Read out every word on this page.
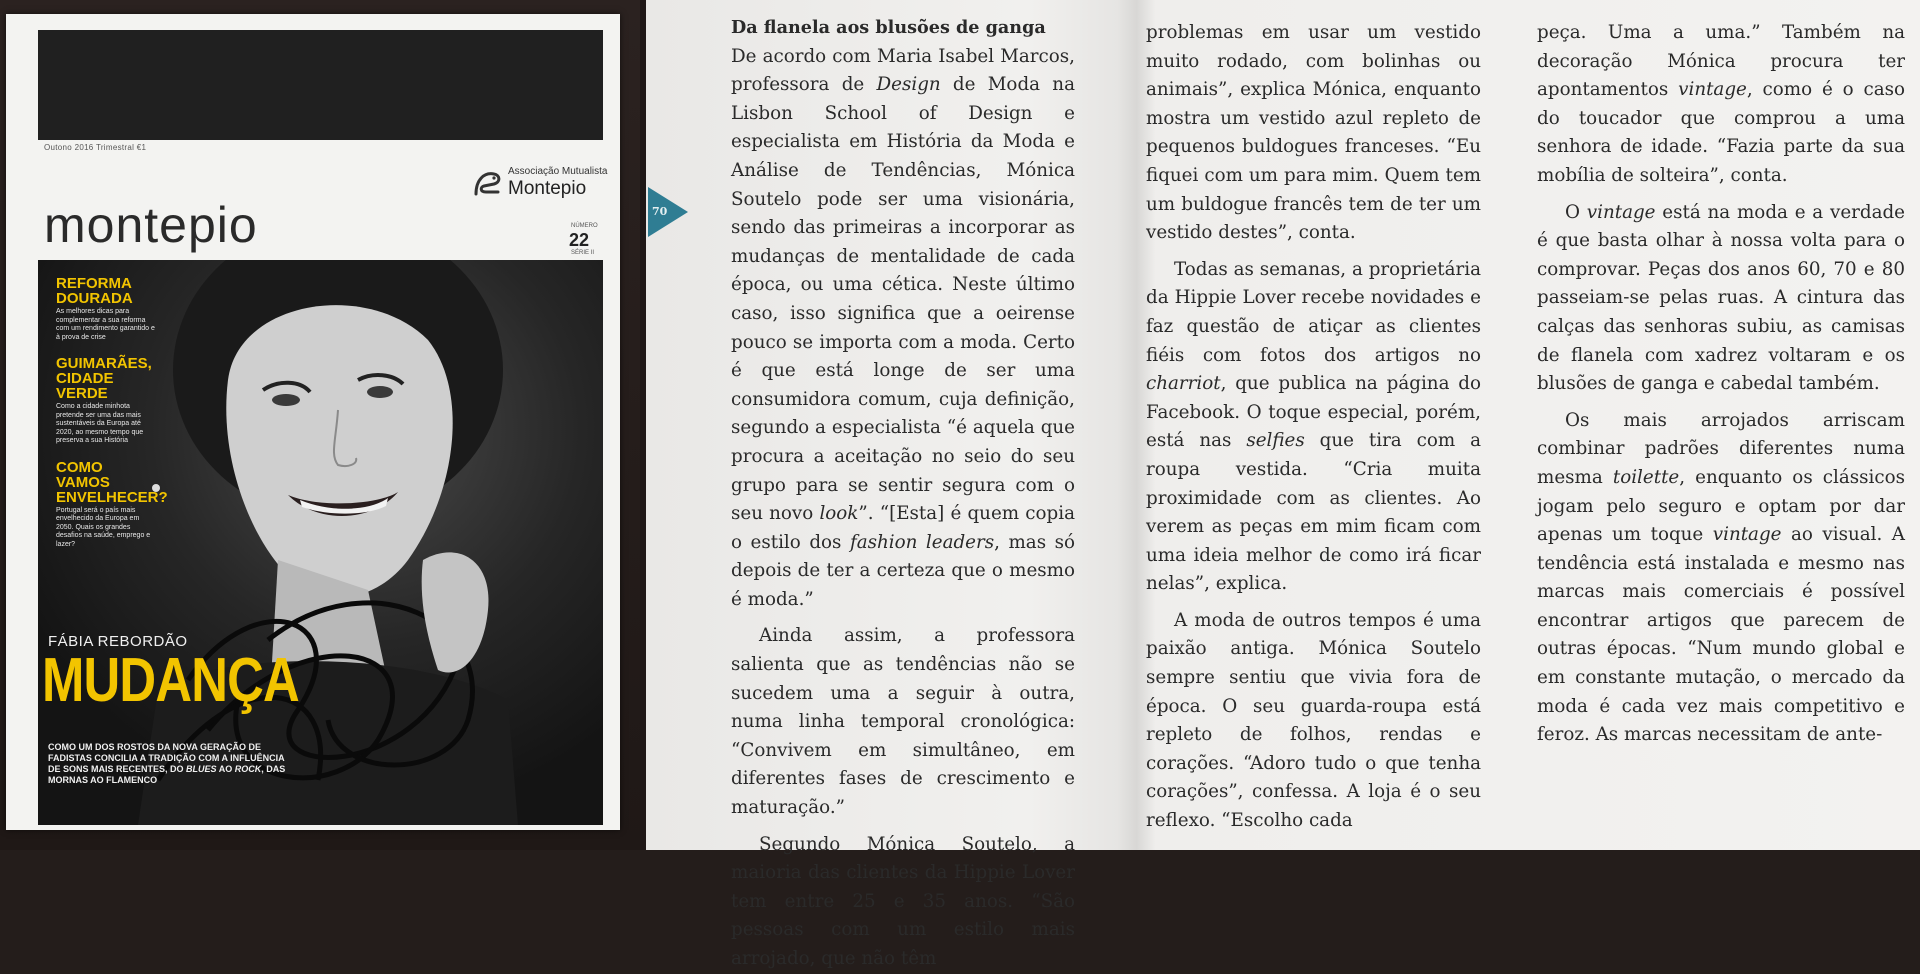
Outono 2016 Trimestral €1
Associação Mutualista
Montepio
montepio	NÚMERO
22
SÉRIE II
REFORMA DOURADA
As melhores dicas para complementar a sua reforma com um rendimento garantido e à prova de crise
GUIMARÃES, CIDADE VERDE
Como a cidade minhota pretende ser uma das mais sustentáveis da Europa até 2020, ao mesmo tempo que preserva a sua História
COMO VAMOS ENVELHECER?
Portugal será o país mais envelhecido da Europa em 2050. Quais os grandes desafios na saúde, emprego e lazer?
FÁBIA REBORDÃO
MUDANÇA
COMO UM DOS ROSTOS DA NOVA GERAÇÃO DE FADISTAS CONCILIA A TRADIÇÃO COM A INFLUÊNCIA DE SONS MAIS RECENTES, DO BLUES AO ROCK, DAS MORNAS AO FLAMENCO
70

Da flanela aos blusões de ganga

De acordo com Maria Isabel Marcos, professora de Design de Moda na Lisbon School of Design e especialista em História da Moda e Análise de Tendências, Mónica Soutelo pode ser uma visionária, sendo das primeiras a incorporar as mudanças de mentalidade de cada época, ou uma cética. Neste último caso, isso significa que a oeirense pouco se importa com a moda. Certo é que está longe de ser uma consumidora comum, cuja definição, segundo a especialista “é aquela que procura a aceitação no seio do seu grupo para se sentir segura com o seu novo look”. “[Esta] é quem copia o estilo dos fashion leaders, mas só depois de ter a certeza que o mesmo é moda.”

Ainda assim, a professora salienta que as tendências não se sucedem uma a seguir à outra, numa linha temporal cronológica: “Convivem em simultâneo, em diferentes fases de crescimento e maturação.”

Segundo Mónica Soutelo, a maioria das clientes da Hippie Lover tem entre 25 e 35 anos. “São pessoas com um estilo mais arrojado, que não têm

problemas em usar um vestido muito rodado, com bolinhas ou animais”, explica Mónica, enquanto mostra um vestido azul repleto de pequenos buldogues franceses. “Eu fiquei com um para mim. Quem tem um buldogue francês tem de ter um vestido destes”, conta.

Todas as semanas, a proprietária da Hippie Lover recebe novidades e faz questão de atiçar as clientes fiéis com fotos dos artigos no charriot, que publica na página do Facebook. O toque especial, porém, está nas selfies que tira com a roupa vestida. “Cria muita proximidade com as clientes. Ao verem as peças em mim ficam com uma ideia melhor de como irá ficar nelas”, explica.

A moda de outros tempos é uma paixão antiga. Mónica Soutelo sempre sentiu que vivia fora de época. O seu guarda-roupa está repleto de folhos, rendas e corações. “Adoro tudo o que tenha corações”, confessa. A loja é o seu reflexo. “Escolho cada

peça. Uma a uma.” Também na decoração Mónica procura ter apontamentos vintage, como é o caso do toucador que comprou a uma senhora de idade. “Fazia parte da sua mobília de solteira”, conta.

O vintage está na moda e a verdade é que basta olhar à nossa volta para o comprovar. Peças dos anos 60, 70 e 80 passeiam-se pelas ruas. A cintura das calças das senhoras subiu, as camisas de flanela com xadrez voltaram e os blusões de ganga e cabedal também.

Os mais arrojados arriscam combinar padrões diferentes numa mesma toilette, enquanto os clássicos jogam pelo seguro e optam por dar apenas um toque vintage ao visual. A tendência está instalada e mesmo nas marcas mais comerciais é possível encontrar artigos que parecem de outras épocas. “Num mundo global e em constante mutação, o mercado da moda é cada vez mais competitivo e feroz. As marcas necessitam de ante-
